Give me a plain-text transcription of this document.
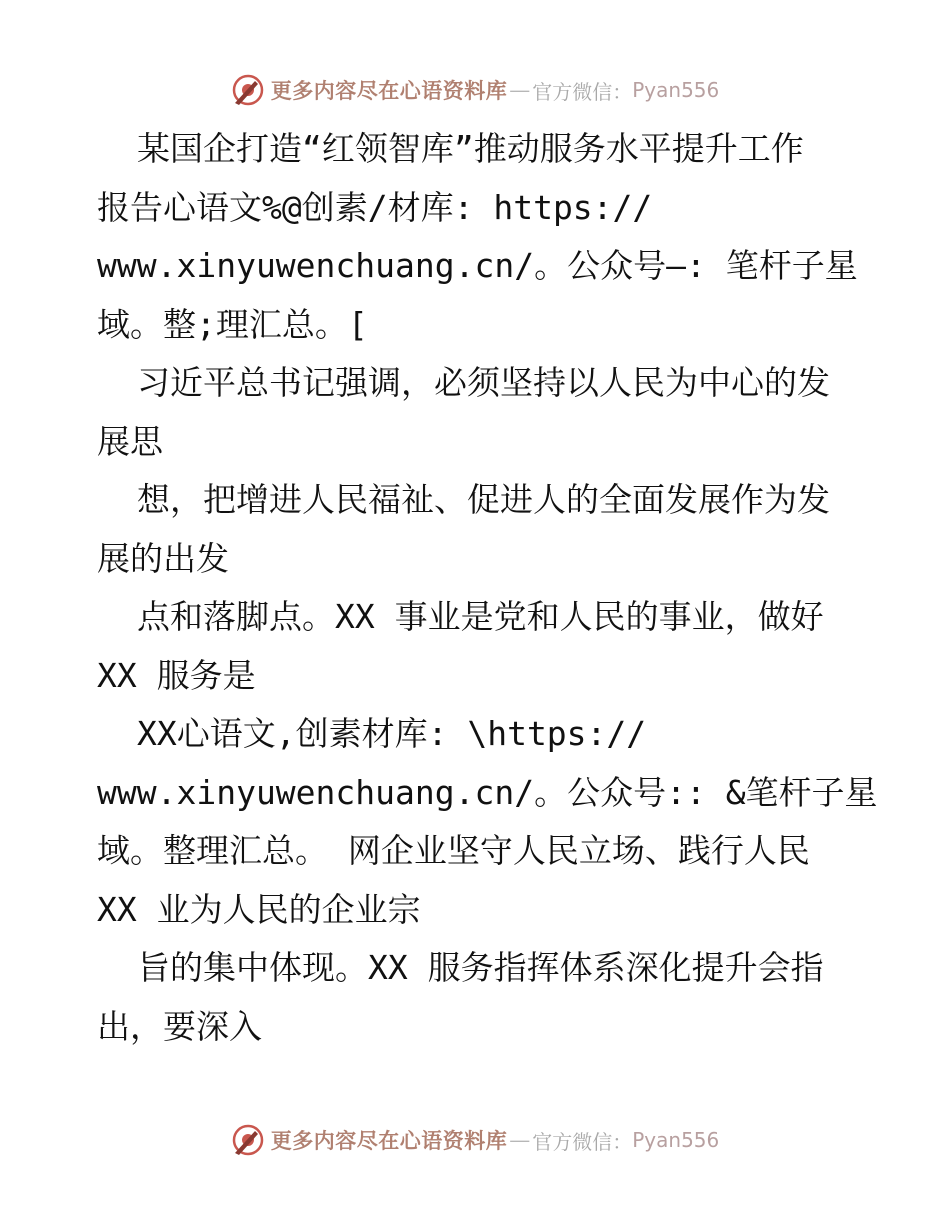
更多内容尽在心语资料库 — 官方微信： Pyan556
某国企打造“红领智库”推动服务水平提升工作
报告心语文%@创素/材库: https://
www.xinyuwenchuang.cn/。公众号—: 笔杆子星
域。整;理汇总。[
习近平总书记强调，必须坚持以人民为中心的发
展思
想，把增进人民福祉、促进人的全面发展作为发
展的出发
点和落脚点。XX 事业是党和人民的事业，做好
XX 服务是
XX心语文,创素材库: \https://
www.xinyuwenchuang.cn/。公众号:: &笔杆子星
域。整理汇总。 网企业坚守人民立场、践行人民
XX 业为人民的企业宗
旨的集中体现。XX 服务指挥体系深化提升会指
出，要深入
更多内容尽在心语资料库 — 官方微信： Pyan556
